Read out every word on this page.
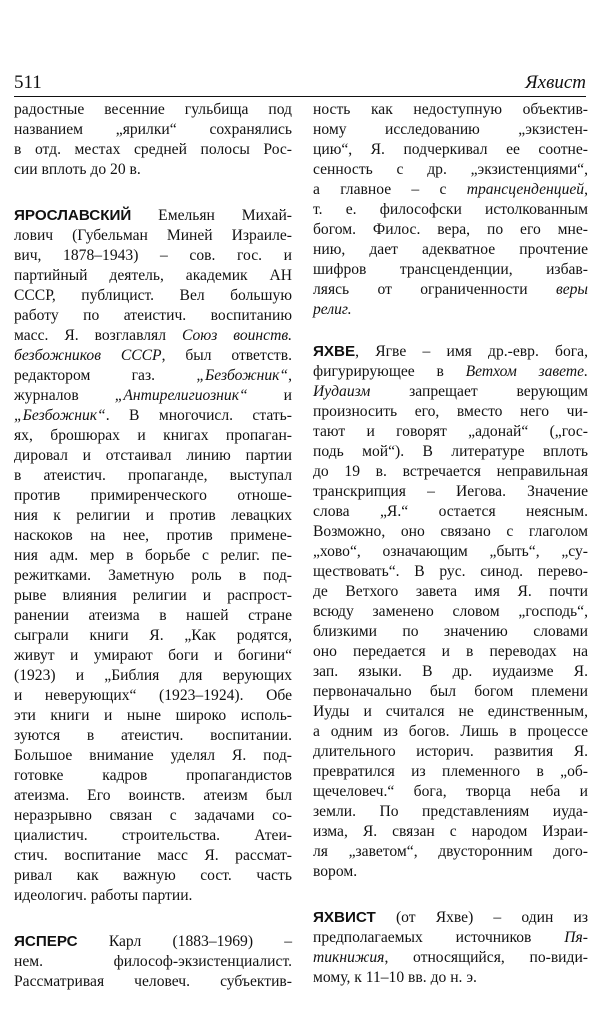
511	Яхвист
радостные весенние гульбища под
названием „ярилки“ сохранялись
в отд. местах средней полосы Рос-
сии вплоть до 20 в.
ЯРОСЛАВСКИЙ Емельян Михай-
лович (Губельман Миней Израиле-
вич, 1878–1943) – сов. гос. и
партийный деятель, академик АН
СССР, публицист. Вел большую
работу по атеистич. воспитанию
масс. Я. возглавлял Союз воинств.
безбожников СССР, был ответств.
редактором газ. „Безбожник“,
журналов „Антирелигиозник“ и
„Безбожник“. В многочисл. стать-
ях, брошюрах и книгах пропаган-
дировал и отстаивал линию партии
в атеистич. пропаганде, выступал
против примиренческого отноше-
ния к религии и против левацких
наскоков на нее, против примене-
ния адм. мер в борьбе с религ. пе-
режитками. Заметную роль в под-
рыве влияния религии и распрост-
ранении атеизма в нашей стране
сыграли книги Я. „Как родятся,
живут и умирают боги и богини“
(1923) и „Библия для верующих
и неверующих“ (1923–1924). Обе
эти книги и ныне широко исполь-
зуются в атеистич. воспитании.
Большое внимание уделял Я. под-
готовке кадров пропагандистов
атеизма. Его воинств. атеизм был
неразрывно связан с задачами со-
циалистич. строительства. Атеи-
стич. воспитание масс Я. рассмат-
ривал как важную сост. часть
идеологич. работы партии.
ЯСПЕРС Карл (1883–1969) –
нем. философ-экзистенциалист.
Рассматривая человеч. субъектив-
ность как недоступную объектив-
ному исследованию „экзистен-
цию“, Я. подчеркивал ее соотне-
сенность с др. „экзистенциями“,
а главное – с трансценденцией,
т. е. философски истолкованным
богом. Филос. вера, по его мне-
нию, дает адекватное прочтение
шифров трансценденции, избав-
ляясь от ограниченности веры
религ.
ЯХВЕ, Ягве – имя др.-евр. бога,
фигурирующее в Ветхом завете.
Иудаизм запрещает верующим
произносить его, вместо него чи-
тают и говорят „адонай“ („гос-
подь мой“). В литературе вплоть
до 19 в. встречается неправильная
транскрипция – Иегова. Значение
слова „Я.“ остается неясным.
Возможно, оно связано с глаголом
„хово“, означающим „быть“, „су-
ществовать“. В рус. синод. перево-
де Ветхого завета имя Я. почти
всюду заменено словом „господь“,
близкими по значению словами
оно передается и в переводах на
зап. языки. В др. иудаизме Я.
первоначально был богом племени
Иуды и считался не единственным,
а одним из богов. Лишь в процессе
длительного историч. развития Я.
превратился из племенного в „об-
щечеловеч.“ бога, творца неба и
земли. По представлениям иуда-
изма, Я. связан с народом Израи-
ля „заветом“, двусторонним дого-
вором.
ЯХВИСТ (от Яхве) – один из
предполагаемых источников Пя-
тикнижия, относящийся, по-види-
мому, к 11–10 вв. до н. э.
